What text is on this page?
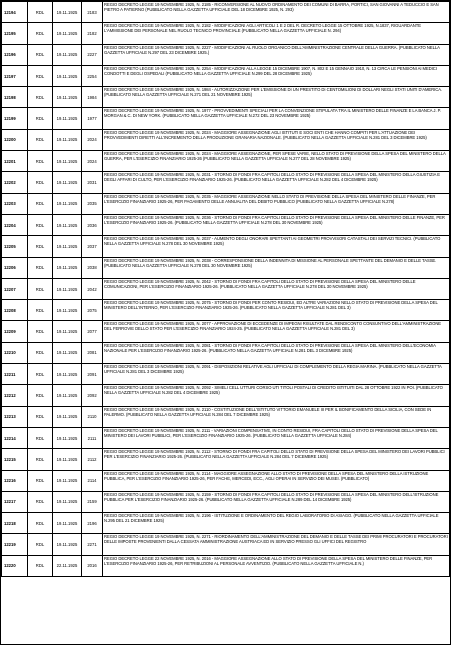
12194	RDL	19.11.1925	2183	REGIO DECRETO LEGGE 19 NOVEMBRE 1925, N. 2185 - RICONVERSIONE AL NUOVO ORDINAMENTO DEI COMUNI DI BARRA, PORTICI, SAN GIOVANNI A TEDUCCIO E SAN PIETRO A PATIERNO (PUBBLICATO NELLA GAZZETTA UFFICIALE DEL 18 DICEMBRE 1925, N. 293)
12195	RDL	19.11.1925	2182	REGIO DECRETO LEGGE 19 NOVEMBRE 1925, N. 2182 - MODIFICAZIONI AGLI ARTICOLI 1 E 2 DEL R. DECRETO LEGGE 15 OTTOBRE 1925, N.1837, RIGUARDANTE L'AMMISSIONE DEI PERSONALE NEL RUOLO TECNICO PROVINCIALE (PUBBLICATO NELLA GAZZETTA UFFICIALE N. 294)
12196	RDL	19.11.1925	2227	REGIO DECRETO LEGGE 19 NOVEMBRE 1925, N. 2227 - MODIFICAZIONI AL RUOLO ORGANICO DELL'AMMINISTRAZIONE CENTRALE DELLA GUERRA. (PUBBLICATO NELLA GAZZETTA UFFICIALE N.297 DEL 23 DICEMBRE 1925.)
12197	RDL	19.11.1925	2254	REGIO DECRETO LEGGE 19 NOVEMBRE 1925, N. 2254 - MODIFICAZIONI ALLA LEGGE 15 DICEMBRE 1907, N. 802 E 15 GENNAIO 1910, N. 13 CIRCA LE PENSIONI AI MEDICI CONDOTTI E DEGLI OSPEDALI (PUBBLICATO NELLA GAZZETTA UFFICIALE N.299 DEL 28 DICEMBRE 1925)
12198	RDL	19.11.1925	1984	REGIO DECRETO LEGGE 19 NOVEMBRE 1925, N. 1984 - AUTORIZZAZIONE PER L'EMISSIONE DI UN PRESTITO DI CENTOMILIONI DI DOLLARI NEGLI STATI UNITI D'AMERICA. (PUBBLICATO NELLA GAZZETTA UFFICIALE N.271 DEL 21 NOVEMBRE 1925)
12199	RDL	19.11.1925	1977	REGIO DECRETO LEGGE 19 NOVEMBRE 1925, N. 1977 - PROVVEDIMENTI SPECIALI PER LA CONVENZIONE STIPULATA TRA IL MINISTERO DELLE FINANZE E LA BANCA J. P. MORGAN & C. DI NEW YORK. (PUBBLICATO NELLA GAZZETTA UFFICIALE N.272 DEL 23 NOVEMBRE 1925)
12200	RDL	19.11.1925	2024	REGIO DECRETO LEGGE 19 NOVEMBRE 1925, N. 2024 - MAGGIORE ASSEGNAZIONE AGLI ISTITUTI E SOCI ENTI CHE HANNO COMPITI PER L'ATTUAZIONE DEI PROVVEDIMENTI DIRETTI ALL'INCREMENTO DELLA PRODUZIONE GRANARIA NAZIONALE. (PUBBLICATO NELLA GAZZETTA UFFICIALE N.281 DEL 3 DICEMBRE 1925)
12201	RDL	19.11.1925	2024	REGIO DECRETO LEGGE 19 NOVEMBRE 1925, N. 2024 - MAGGIORE ASSEGNAZIONE, PER SPESE VARIE, NELLO STATO DI PREVISIONE DELLA SPESA DEL MINISTERO DELLA GUERRA, PER L'ESERCIZIO FINANZIARIO 1925-26 (PUBBLICATO NELLA GAZZETTA UFFICIALE N.277 DEL 28 NOVEMBRE 1925)
12202	RDL	19.11.1925	2031	REGIO DECRETO LEGGE 19 NOVEMBRE 1925, N. 2031 - STORNO DI FONDI FRA CAPITOLI DELLO STATO DI PREVISIONE DELLA SPESA DEL MINISTERO DELLA GIUSTIZIA E DEGLI AFFARI DI CULTO, PER L'ESERCIZIO FINANZIARIO 1925-26. (PUBBLICATO NELLA GAZZETTA UFFICIALE N.282 DEL 4 DICEMBRE 1925)
12203	RDL	19.11.1925	2035	REGIO DECRETO LEGGE 19 NOVEMBRE 1925, N. 2035 - MAGGIORE ASSEGNAZIONE NELLO STATO DI PREVISIONE DELLA SPESA DEL MINISTERO DELLE FINANZE, PER L'ESERCIZIO FINANZIARIO 1925-26, PER PAGAMENTO DELLE ANNUALITA DEL DEBITO PUBBLICO (PUBBLICATO NELLA GAZZETTA UFFICIALE N.278)
12204	RDL	19.11.1925	2036	REGIO DECRETO LEGGE 19 NOVEMBRE 1925, N. 2036 - STORNO DI FONDI FRA CAPITOLI DELLO STATO DI PREVISIONE DELLA SPESA DEL MINISTERO DELLE FINANZE, PER L'ESERCIZIO FINANZIARIO 1925-26. (PUBBLICATO NELLA GAZZETTA UFFICIALE N.278 DEL 30 NOVEMBRE 1925)
12205	RDL	19.11.1925	2037	REGIO DECRETO LEGGE 19 NOVEMBRE 1925, N. 2037 - AUMENTO DEGLI ONORARI SPETTANTI AI GEOMETRI PROVVISORI CATASTALI DEI SERVIZI TECNICI. (PUBBLICATO NELLA GAZZETTA UFFICIALE N.278 DEL 30 NOVEMBRE 1925)
12206	RDL	19.11.1925	2038	REGIO DECRETO LEGGE 19 NOVEMBRE 1925, N. 2038 - CORRESPONSIONE DELLA INDENNITA DI MISSIONE AL PERSONALE SPETTANTE DEL DEMANIO E DELLE TASSE. (PUBBLICATO NELLA GAZZETTA UFFICIALE N.278 DEL 30 NOVEMBRE 1925)
12207	RDL	19.11.1925	2042	REGIO DECRETO LEGGE 19 NOVEMBRE 1925, N. 2042 - STORNO DI FONDI FRA CAPITOLI DELLO STATO DI PREVISIONE DELLA SPESA DEL MINISTERO DELLE COMUNICAZIONI, PER L'ESERCIZIO FINANZIARIO 1925-26. (PUBBLICATO NELLA GAZZETTA UFFICIALE N.278 DEL 30 NOVEMBRE 1925)
12208	RDL	19.11.1925	2075	REGIO DECRETO LEGGE 19 NOVEMBRE 1925, N. 2075 - STORNO DI FONDI PER CONTO RESIDUI, ED ALTRE VARIAZIONI NELLO STATO DI PREVISIONE DELLA SPESA DEL MINISTERO DELL'INTERNO, PER L'ESERCIZIO FINANZIARIO 1925-26. (PUBBLICATO NELLA GAZZETTA UFFICIALE N.281 DEL 3)
12209	RDL	19.11.1925	2077	REGIO DECRETO LEGGE 19 NOVEMBRE 1925, N. 2077 - APPROVAZIONE DI ECCEDENZE DI IMPEGNI RISULTATE DAL RENDICONTO CONSUNTIVO DELL'AMMINISTRAZIONE DEL FERROVIE DELLO STATO PER L'ESERCIZIO FINANZIARIO 1924-25. (PUBBLICATO NELLA GAZZETTA UFFICIALE N.281 DEL 3)
12210	RDL	19.11.1925	2081	REGIO DECRETO LEGGE 19 NOVEMBRE 1925, N. 2081 - STORNO DI FONDI FRA CAPITOLI DELLO STATO DI PREVISIONE DELLA SPESA DEL MINISTERO DELL'ECONOMIA NAZIONALE PER L'ESERCIZIO FINANZIARIO 1925-26. (PUBBLICATO NELLA GAZZETTA UFFICIALE N.281 DEL 3 DICEMBRE 1925)
12211	RDL	19.11.1925	2091	REGIO DECRETO LEGGE 19 NOVEMBRE 1925, N. 2091 - DISPOSIZIONI RELATIVE AGLI UFFICIALI DI COMPLEMENTO DELLA REGIA MARINA. (PUBBLICATO NELLA GAZZETTA UFFICIALE N.281 DEL 3 DICEMBRE 1925)
12212	RDL	19.11.1925	2092	REGIO DECRETO LEGGE 19 NOVEMBRE 1925, N. 2092 - SIMELI CELL UTTURI CORSO UTI TITOLI POSTALI DI CREDITO ISTITUITI DAL 28 OTTOBRE 1922 IN POI. (PUBBLICATO NELLA GAZZETTA UFFICIALE N.282 DEL 4 DICEMBRE 1925)
12213	RDL	19.11.1925	2110	REGIO DECRETO LEGGE 19 NOVEMBRE 1925, N. 2110 - COSTITUZIONE DELL'ISTITUTO VITTORIO EMANUELE III PER IL BONIFICAMENTO DELLA SICILIA, CON SEDE IN PALERMO. (PUBBLICATO NELLA GAZZETTA UFFICIALE N.284 DEL 7 DICEMBRE 1925)
12214	RDL	19.11.1925	2111	REGIO DECRETO LEGGE 19 NOVEMBRE 1925, N. 2111 - VARIAZIONI COMPENSATIVE, IN CONTO RESIDUI, FRA CAPITOLI DELLO STATO DI PREVISIONE DELLA SPESA DEL MINISTERO DEI LAVORI PUBBLICI, PER L'ESERCIZIO FINANZIARIO 1925-26. (PUBBLICATO NELLA GAZZETTA UFFICIALE N.284)
12215	RDL	19.11.1925	2112	REGIO DECRETO LEGGE 19 NOVEMBRE 1925, N. 2112 - STORNO DI FONDI FRA CAPITOLI DELLO STATO DI PREVISIONE DELLA SPESA DEL MINISTERO DEI LAVORI PUBBLICI PER L'ESERCIZIO FINANZIARIO 1925-26. (PUBBLICATO NELLA GAZZETTA UFFICIALE N.284 DEL 7 DICEMBRE 1925)
12216	RDL	19.11.1925	2114	REGIO DECRETO LEGGE 19 NOVEMBRE 1925, N. 2114 - MAGGIORE ASSEGNAZIONE ALLO STATO DI PREVISIONE DELLA SPESA DEL MINISTERO DELLA ISTRUZIONE PUBBLICA, PER L'ESERCIZIO FINANZIARIO 1925-26, PER FACHE, MERCEDI, ECC., AGLI OPERAI IN SERVIZIO DEI MUSEI. (PUBBLICATO)
12217	RDL	19.11.1925	2159	REGIO DECRETO LEGGE 19 NOVEMBRE 1925, N. 2159 - STORNO DI FONDI FRA CAPITOLI DELLO STATO DI PREVISIONE DELLA SPESA DEL MINISTERO DELL'ISTRUZIONE PUBBLICA PER L'ESERCIZIO FINANZIARIO 1925-26. (PUBBLICATO NELLA GAZZETTA UFFICIALE N.289 DEL 14 DICEMBRE 1925)
12218	RDL	19.11.1925	2196	REGIO DECRETO LEGGE 19 NOVEMBRE 1925, N. 2196 - ISTITUZIONE E ORDINAMENTO DEL REGIO LABORATORIO DI ASIAGO. (PUBBLICATO NELLA GAZZETTA UFFICIALE N.295 DEL 21 DICEMBRE 1925)
12219	RDL	19.11.1925	2271	REGIO DECRETO LEGGE 19 NOVEMBRE 1925, N. 2271 - RIORDINAMENTO DELL'AMMINISTRAZIONE DEL DEMANIO E DELLE TASSE DEI PRIMI PROCURATORI E PROCURATORI DELLE IMPOSTE PROVENIENTI DALLA CESSATA AMMINISTRAZIONE AUSTRIACA ED IN SERVIZIO PRESSO GLI UFFICI DEL REGISTRO
12220	RDL	22.11.1925	2016	REGIO DECRETO LEGGE 22 NOVEMBRE 1925, N. 2016 - MAGGIORE ASSEGNAZIONE ALLO STATO DI PREVISIONE DELLA SPESA DEL MINISTERO DELLE FINANZE, PER L'ESERCIZIO FINANZIARIO 1925-26, PER RETRIBUZIONI AL PERSONALE AVVENTIZIO. (PUBBLICATO NELLA GAZZETTA UFFICIALE N.)
